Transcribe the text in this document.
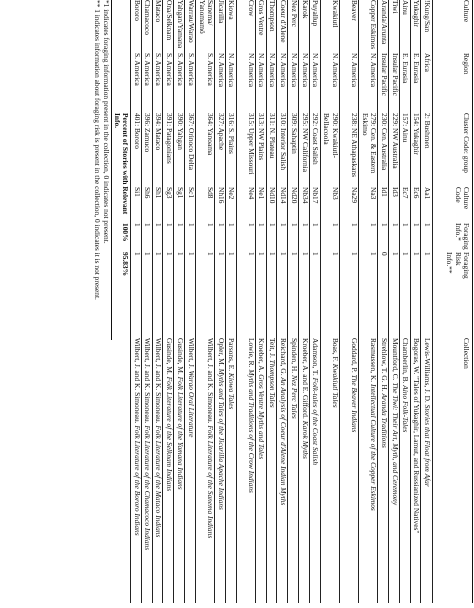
Culture
Region
Cluster Code: group
Culture
Code
Foraging
Info.*
Foraging
Risk
Info.**
Collection
!Kung/San
Africa
2: Bushmen
Aa1
1
1
Lewis-Williams, J. D. Stories that Float from Afar
Yukaghir
E. Eurasia
154: Yukaghir
Ec6
1
1
Bogoras, W. "Tales of Yukaghir, Lamut, and Russianized Natives"
Ainu
E. Eurasia
157: Ainu
Ec7
1
1
Chamberlin, B. Aino Folk-Tales
Tiwi
Insular Pacific
229: NW Australia
Id3
1
1
Mountford, C. The Tiwi: Their Art, Myth, and Ceremony
Aranda/Arunta
Insular Pacific
230: Cen. Australia
Id1
1
0
Strehlow, T. G. H. Aranda Traditions
Copper Eskimos
N. America
279: Cen. & Eastern Eskimo
Na3
1
1
Rasmussen, K. Intellectual Culture of the Copper Eskimos
Beaver
N. America
238: NE Athapaskans
Na29
1
1
Goddard, P. The Beaver Indians
Kwakiutl
N. America
290: Kwakiutl-Bellacoola
Nb3
1
1
Boas, F. Kwakiutl Tales
Puyallup
N. America
292: Coast Salish
Nb17
1
1
Adamson, T. Folk-tales of the Coast Salish
Karok
N. America
295: NW California
Nb34
1
1
Kroeber, A. and E. Gifford. Karok Myths
Nez Perc
N. America
309: Sahaptin
Nd20
1
1
Spinden, H. Nez Perc Tales
Coeur d'Alene
N. America
310: Interior Salish
Nd14
1
1
Reichard, G. An Analysis of Coeur d'Alene Indian Myths
Thompson
N. America
311: N. Plateau
Nd10
1
1
Teit, J. Thompson Tales
Gros Ventre
N. America
313: NW Plains
Ne1
1
1
Kroeber, A. Gros Ventre Myths and Tales
Crow
N. America
315: Upper Missouri
Ne4
1
1
Lowie, R. Myths and Traditions of the Crow Indians
Kiowa
N. America
316: S. Plains
Ne2
1
1
Parsons, E. Kiowa Tales
Jicarilla
N. America
327: Apache
Nh16
1
1
Opler, M. Myths and Tales of the Jicarilla Apache Indians
Sanema/ Yanomamö
S. America
364: Yanoama
Sd8
1
1
Wilbert, J. and K. Simoneau. Folk Literature of the Sanema Indians
Warrau/Warao
S. America
367: Orinoco Delta
Sc1
1
1
Wilbert, J. Warao Oral Literature
Yahgan/Yamana
S. America
390: Yahgan
Sg1
1
1
Gusinde, M. Folk Literature of the Yamana Indians
Ona/Selknam
S. America
391: Patagonians
Sg3
1
1
Gusinde, M. Folk Literature of the Selknam Indians
Mataco
S. America
394: Mataco
Sh1
1
1
Wilbert, J. and K. Simoneau. Folk Literature of the Mataco Indians
Chamacoco
S. America
396: Zamuco
Sh6
1
1
Wilbert, J. and K. Simoneau. Folk Literature of the Chamacoco Indians
Bororo
S. America
401: Bororo
Si1
1
1
Wilbert, J. and K. Simoneau. Folk Literature of the Bororo Indians
Percent of Stories with Relevant Info.
100%
95.83%
*1 indicates foraging information present in the collection, 0 indicates not present.
** 1 indicates information about foraging risk is present in the collection, 0 indicates it is not present.
